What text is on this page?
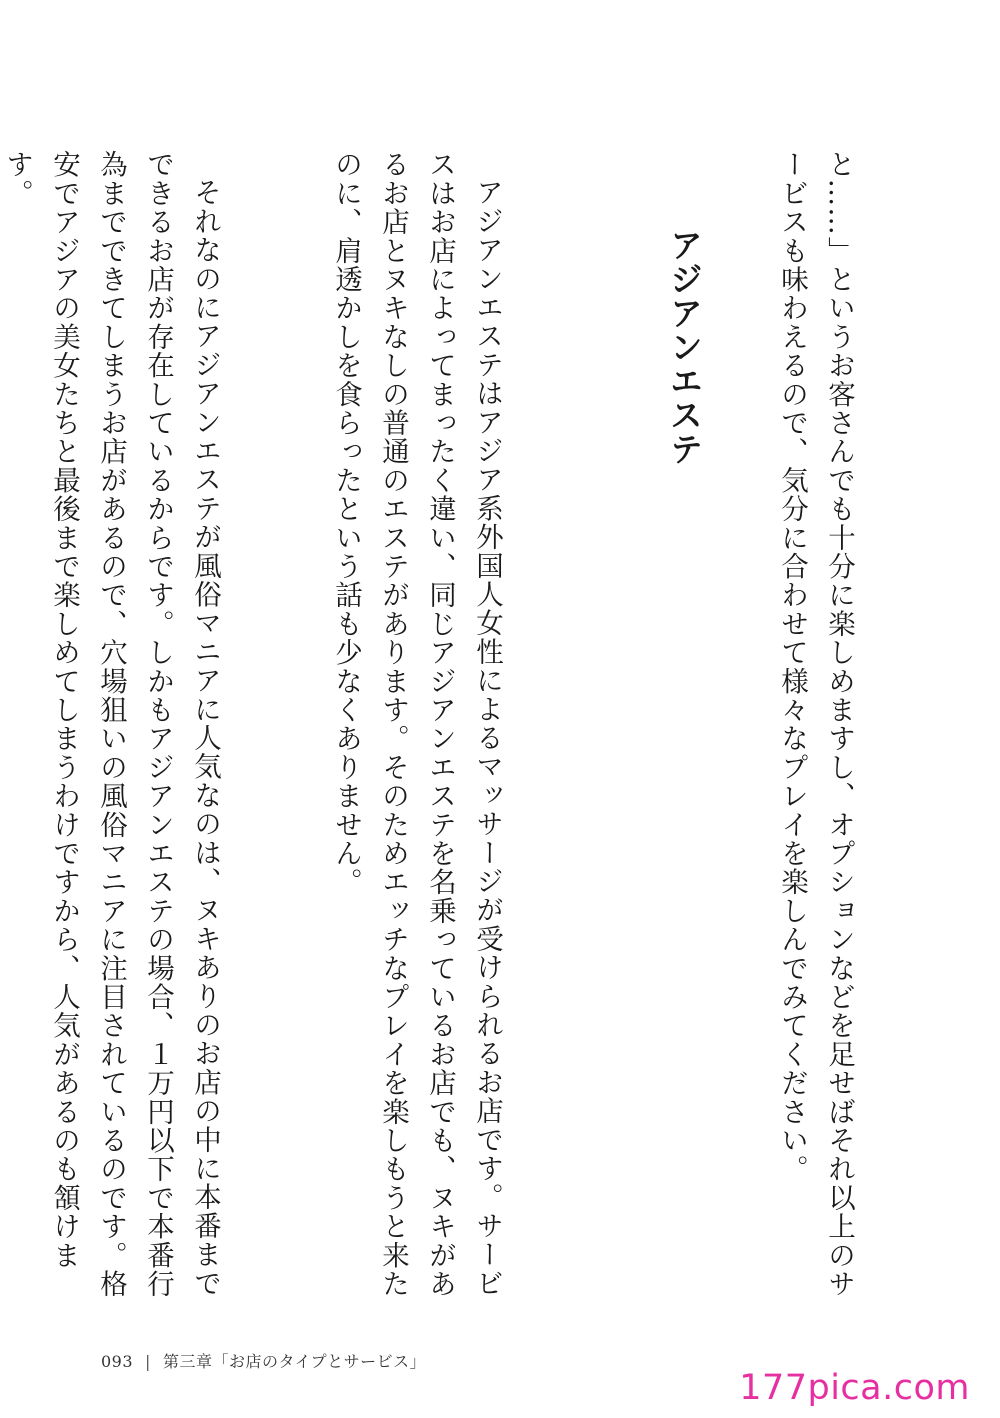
と……」というお客さんでも十分に楽しめますし、オプションなどを足せばそれ以上のサービスも味わえるので、気分に合わせて様々なプレイを楽しんでみてください。
アジアンエステ

アジアンエステはアジア系外国人女性によるマッサージが受けられるお店です。サービスはお店によってまったく違い、同じアジアンエステを名乗っているお店でも、ヌキがあるお店とヌキなしの普通のエステがあります。そのためエッチなプレイを楽しもうと来たのに、肩透かしを食らったという話も少なくありません。

それなのにアジアンエステが風俗マニアに人気なのは、ヌキありのお店の中に本番までできるお店が存在しているからです。しかもアジアンエステの場合、１万円以下で本番行為までできてしまうお店があるので、穴場狙いの風俗マニアに注目されているのです。格安でアジアの美女たちと最後まで楽しめてしまうわけですから、人気があるのも頷けます。

093 | 第三章「お店のタイプとサービス」
177pica.com
